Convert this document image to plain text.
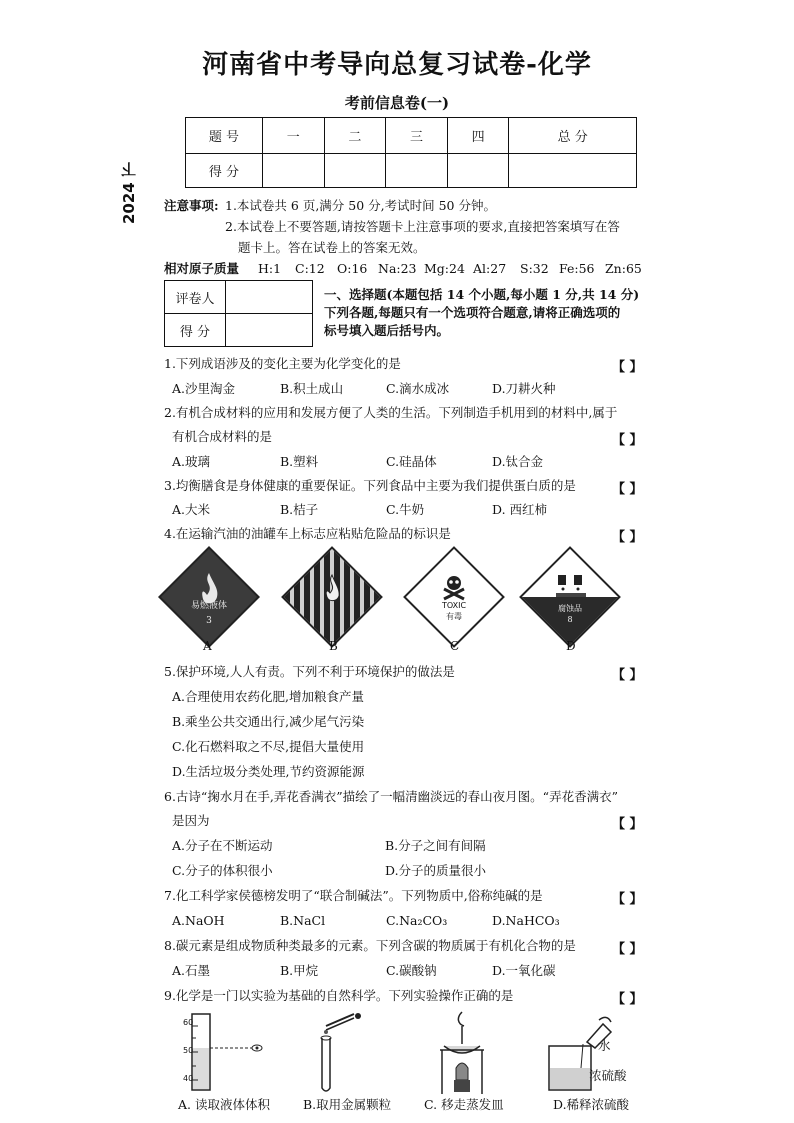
河南省中考导向总复习试卷-化学
考前信息卷(一)
2024 下
题 号	一	二	三	四	总 分
得 分					
注意事项: 1.本试卷共 6 页,满分 50 分,考试时间 50 分钟。
2.本试卷上不要答题,请按答题卡上注意事项的要求,直接把答案填写在答
题卡上。答在试卷上的答案无效。
相对原子质量 H:1 C:12 O:16 Na:23 Mg:24 Al:27 S:32 Fe:56 Zn:65
评卷人	
得 分	
一、选择题(本题包括 14 个小题,每小题 1 分,共 14 分)
下列各题,每题只有一个选项符合题意,请将正确选项的
标号填入题后括号内。
1.下列成语涉及的变化主要为化学变化的是	【 】
A.沙里淘金	B.积土成山	C.滴水成冰	D.刀耕火种
2.有机合成材料的应用和发展方便了人类的生活。下列制造手机用到的材料中,属于
有机合成材料的是	【 】
A.玻璃	B.塑料	C.硅晶体	D.钛合金
3.均衡膳食是身体健康的重要保证。下列食品中主要为我们提供蛋白质的是	【 】
A.大米	B.桔子	C.牛奶	D. 西红柿
4.在运输汽油的油罐车上标志应粘贴危险品的标识是	【 】
易燃液体
3
A	B
TOXIC
有毒
C
腐蚀品
8
D
5.保护环境,人人有责。下列不利于环境保护的做法是	【 】
A.合理使用农药化肥,增加粮食产量
B.乘坐公共交通出行,减少尾气污染
C.化石燃料取之不尽,提倡大量使用
D.生活垃圾分类处理,节约资源能源
6.古诗“掬水月在手,弄花香满衣”描绘了一幅清幽淡远的春山夜月图。“弄花香满衣”
是因为	【 】
A.分子在不断运动	B.分子之间有间隔
C.分子的体积很小	D.分子的质量很小
7.化工科学家侯德榜发明了“联合制碱法”。下列物质中,俗称纯碱的是	【 】
A.NaOH	B.NaCl	C.Na₂CO₃	D.NaHCO₃
8.碳元素是组成物质种类最多的元素。下列含碳的物质属于有机化合物的是	【 】
A.石墨	B.甲烷	C.碳酸钠	D.一氧化碳
9.化学是一门以实验为基础的自然科学。下列实验操作正确的是	【 】
60
50
40
水
浓硫酸
A. 读取液体体积	B.取用金属颗粒	C. 移走蒸发皿	D.稀释浓硫酸
